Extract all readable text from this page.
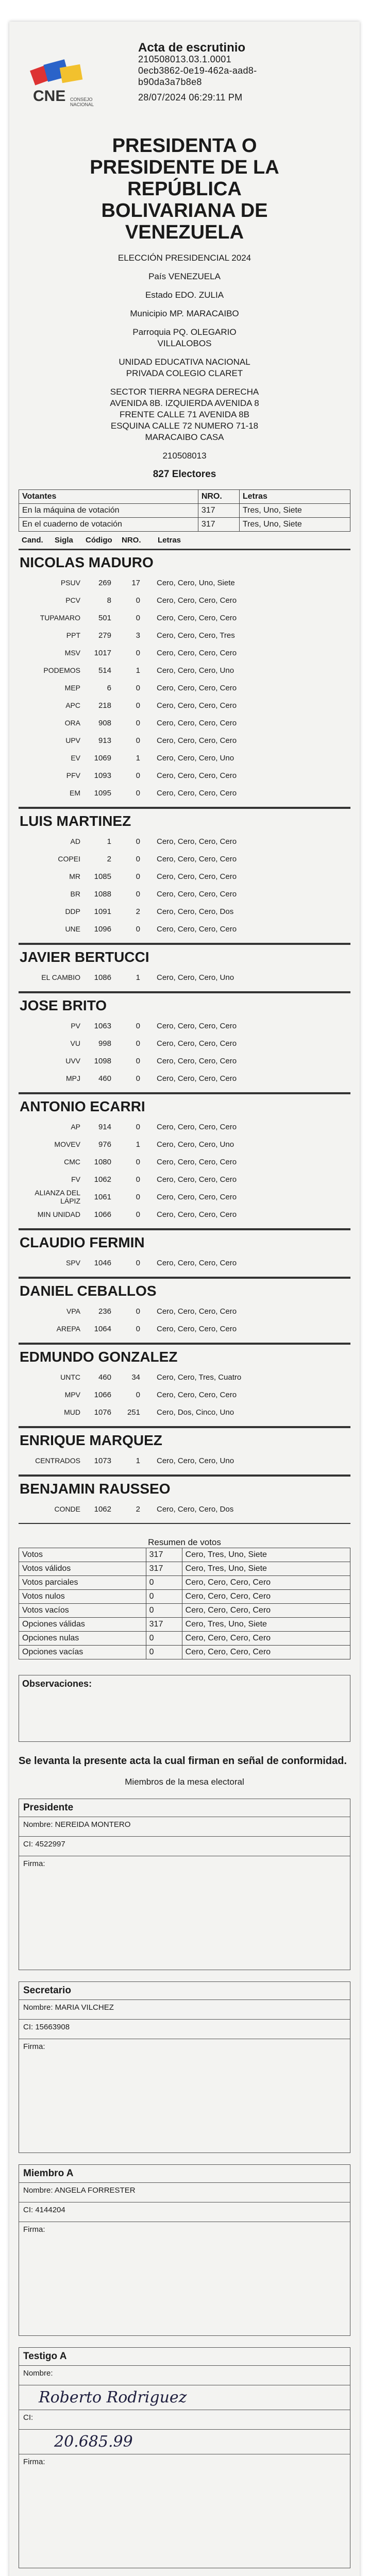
CNE CONSEJO
NACIONAL
Acta de escrutinio
210508013.03.1.0001
0ecb3862-0e19-462a-aad8-
b90da3a7b8e8
28/07/2024 06:29:11 PM
PRESIDENTA O
PRESIDENTE DE LA
REPÚBLICA
BOLIVARIANA DE
VENEZUELA
ELECCIÓN PRESIDENCIAL 2024
País VENEZUELA
Estado EDO. ZULIA
Municipio MP. MARACAIBO
Parroquia PQ. OLEGARIO
VILLALOBOS
UNIDAD EDUCATIVA NACIONAL
PRIVADA COLEGIO CLARET
SECTOR TIERRA NEGRA DERECHA
AVENIDA 8B. IZQUIERDA AVENIDA 8
FRENTE CALLE 71 AVENIDA 8B
ESQUINA CALLE 72 NUMERO 71-18
MARACAIBO CASA
210508013
827 Electores
Votantes	NRO.	Letras
En la máquina de votación	317	Tres, Uno, Siete
En el cuaderno de votación	317	Tres, Uno, Siete
Cand.	Sigla	Código	NRO.	Letras
NICOLAS MADURO
PSUV	269	17	Cero, Cero, Uno, Siete
PCV	8	0	Cero, Cero, Cero, Cero
TUPAMARO	501	0	Cero, Cero, Cero, Cero
PPT	279	3	Cero, Cero, Cero, Tres
MSV	1017	0	Cero, Cero, Cero, Cero
PODEMOS	514	1	Cero, Cero, Cero, Uno
MEP	6	0	Cero, Cero, Cero, Cero
APC	218	0	Cero, Cero, Cero, Cero
ORA	908	0	Cero, Cero, Cero, Cero
UPV	913	0	Cero, Cero, Cero, Cero
EV	1069	1	Cero, Cero, Cero, Uno
PFV	1093	0	Cero, Cero, Cero, Cero
EM	1095	0	Cero, Cero, Cero, Cero
LUIS MARTINEZ
AD	1	0	Cero, Cero, Cero, Cero
COPEI	2	0	Cero, Cero, Cero, Cero
MR	1085	0	Cero, Cero, Cero, Cero
BR	1088	0	Cero, Cero, Cero, Cero
DDP	1091	2	Cero, Cero, Cero, Dos
UNE	1096	0	Cero, Cero, Cero, Cero
JAVIER BERTUCCI
EL CAMBIO	1086	1	Cero, Cero, Cero, Uno
JOSE BRITO
PV	1063	0	Cero, Cero, Cero, Cero
VU	998	0	Cero, Cero, Cero, Cero
UVV	1098	0	Cero, Cero, Cero, Cero
MPJ	460	0	Cero, Cero, Cero, Cero
ANTONIO ECARRI
AP	914	0	Cero, Cero, Cero, Cero
MOVEV	976	1	Cero, Cero, Cero, Uno
CMC	1080	0	Cero, Cero, Cero, Cero
FV	1062	0	Cero, Cero, Cero, Cero
ALIANZA DEL LÁPIZ	1061	0	Cero, Cero, Cero, Cero
MIN UNIDAD	1066	0	Cero, Cero, Cero, Cero
CLAUDIO FERMIN
SPV	1046	0	Cero, Cero, Cero, Cero
DANIEL CEBALLOS
VPA	236	0	Cero, Cero, Cero, Cero
AREPA	1064	0	Cero, Cero, Cero, Cero
EDMUNDO GONZALEZ
UNTC	460	34	Cero, Cero, Tres, Cuatro
MPV	1066	0	Cero, Cero, Cero, Cero
MUD	1076	251	Cero, Dos, Cinco, Uno
ENRIQUE MARQUEZ
CENTRADOS	1073	1	Cero, Cero, Cero, Uno
BENJAMIN RAUSSEO
CONDE	1062	2	Cero, Cero, Cero, Dos
Resumen de votos
Votos	317	Cero, Tres, Uno, Siete
Votos válidos	317	Cero, Tres, Uno, Siete
Votos parciales	0	Cero, Cero, Cero, Cero
Votos nulos	0	Cero, Cero, Cero, Cero
Votos vacíos	0	Cero, Cero, Cero, Cero
Opciones válidas	317	Cero, Tres, Uno, Siete
Opciones nulas	0	Cero, Cero, Cero, Cero
Opciones vacías	0	Cero, Cero, Cero, Cero
Observaciones:
Se levanta la presente acta la cual firman en señal de conformidad.
Miembros de la mesa electoral
Presidente
Nombre: NEREIDA MONTERO
CI: 4522997
Firma:
Secretario
Nombre: MARIA VILCHEZ
CI: 15663908
Firma:
Miembro A
Nombre: ANGELA FORRESTER
CI: 4144204
Firma:
Testigo A
Nombre:
Roberto Rodriguez
CI:
20.685.99
Firma:
